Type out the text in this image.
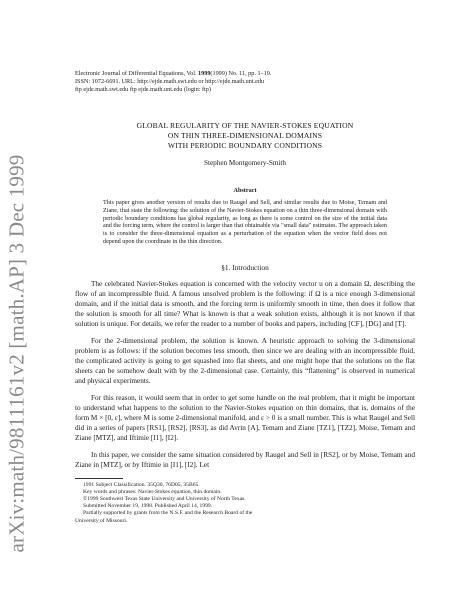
arXiv:math/9811161v2 [math.AP] 3 Dec 1999
Electronic Journal of Differential Equations, Vol. 1999(1999) No. 11, pp. 1–19.
ISSN: 1072-6691. URL: http://ejde.math.swt.edu or http://ejde.math.unt.edu
ftp ejde.math.swt.edu ftp ejde.math.unt.edu (login: ftp)
GLOBAL REGULARITY OF THE NAVIER-STOKES EQUATION
ON THIN THREE-DIMENSIONAL DOMAINS
WITH PERIODIC BOUNDARY CONDITIONS
Stephen Montgomery-Smith
Abstract
This paper gives another version of results due to Raugel and Sell, and similar results due to Moise, Temam and Ziane, that state the following: the solution of the Navier-Stokes equation on a thin three-dimensional domain with periodic boundary conditions has global regularity, as long as there is some control on the size of the initial data and the forcing term, where the control is larger than that obtainable via "small data" estimates. The approach taken is to consider the three-dimensional equation as a perturbation of the equation when the vector field does not depend upon the coordinate in the thin direction.
§1. Introduction

The celebrated Navier-Stokes equation is concerned with the velocity vector u on a domain Ω, describing the flow of an incompressible fluid. A famous unsolved problem is the following: if Ω is a nice enough 3-dimensional domain, and if the initial data is smooth, and the forcing term is uniformly smooth in time, then does it follow that the solution is smooth for all time? What is known is that a weak solution exists, although it is not known if that solution is unique. For details, we refer the reader to a number of books and papers, including [CF], [DG] and [T].

For the 2-dimensional problem, the solution is known. A heuristic approach to solving the 3-dimensional problem is as follows: if the solution becomes less smooth, then since we are dealing with an incompressible fluid, the complicated activity is going to get squashed into flat sheets, and one might hope that the solutions on the flat sheets can be somehow dealt with by the 2-dimensional case. Certainly, this “flattening” is observed in numerical and physical experiments.

For this reason, it would seem that in order to get some handle on the real problem, that it might be important to understand what happens to the solution to the Navier-Stokes equation on thin domains, that is, domains of the form M × [0, ε], where M is some 2-dimensional manifold, and ε > 0 is a small number. This is what Raugel and Sell did in a series of papers [RS1], [RS2], [RS3], as did Avrin [A], Temam and Ziane [TZ1], [TZ2], Moise, Temam and Ziane [MTZ], and Iftimie [I1], [I2].

In this paper, we consider the same situation considered by Raugel and Sell in [RS2], or by Moise, Temam and Ziane in [MTZ], or by Iftimie in [I1], [I2]. Let

1991 Subject Classification. 35Q30, 76D05, 35B65.

Key words and phrases: Navier-Stokes equation, thin domain.

©1999 Southwest Texas State University and University of North Texas.

Submitted November 19, 1998. Published April 14, 1999.

Partially supported by grants from the N.S.F. and the Research Board of the

University of Missouri.
